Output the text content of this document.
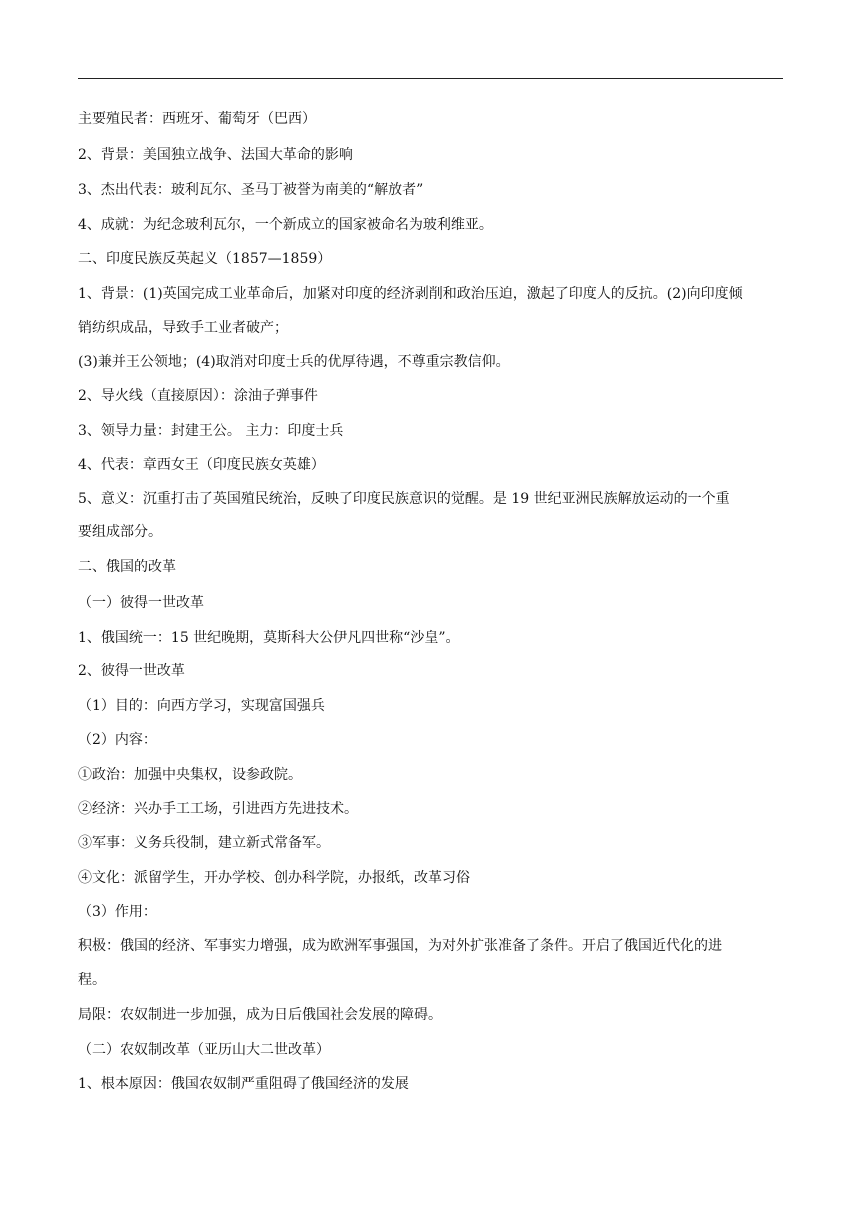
主要殖民者：西班牙、葡萄牙（巴西）
2、背景：美国独立战争、法国大革命的影响
3、杰出代表：玻利瓦尔、圣马丁被誉为南美的“解放者”
4、成就：为纪念玻利瓦尔，一个新成立的国家被命名为玻利维亚。
二、印度民族反英起义（1857—1859）
1、背景：(1)英国完成工业革命后，加紧对印度的经济剥削和政治压迫，激起了印度人的反抗。(2)向印度倾
销纺织成品，导致手工业者破产；
(3)兼并王公领地；(4)取消对印度士兵的优厚待遇，不尊重宗教信仰。
2、导火线（直接原因）：涂油子弹事件
3、领导力量：封建王公。 主力：印度士兵
4、代表：章西女王（印度民族女英雄）
5、意义：沉重打击了英国殖民统治，反映了印度民族意识的觉醒。是 19 世纪亚洲民族解放运动的一个重
要组成部分。
二、俄国的改革
（一）彼得一世改革
1、俄国统一：15 世纪晚期，莫斯科大公伊凡四世称“沙皇”。
2、彼得一世改革
（1）目的：向西方学习，实现富国强兵
（2）内容：
①政治：加强中央集权，设参政院。
②经济：兴办手工工场，引进西方先进技术。
③军事：义务兵役制，建立新式常备军。
④文化：派留学生，开办学校、创办科学院，办报纸，改革习俗
（3）作用：
积极：俄国的经济、军事实力增强，成为欧洲军事强国，为对外扩张准备了条件。开启了俄国近代化的进
程。
局限：农奴制进一步加强，成为日后俄国社会发展的障碍。
（二）农奴制改革（亚历山大二世改革）
1、根本原因：俄国农奴制严重阻碍了俄国经济的发展
